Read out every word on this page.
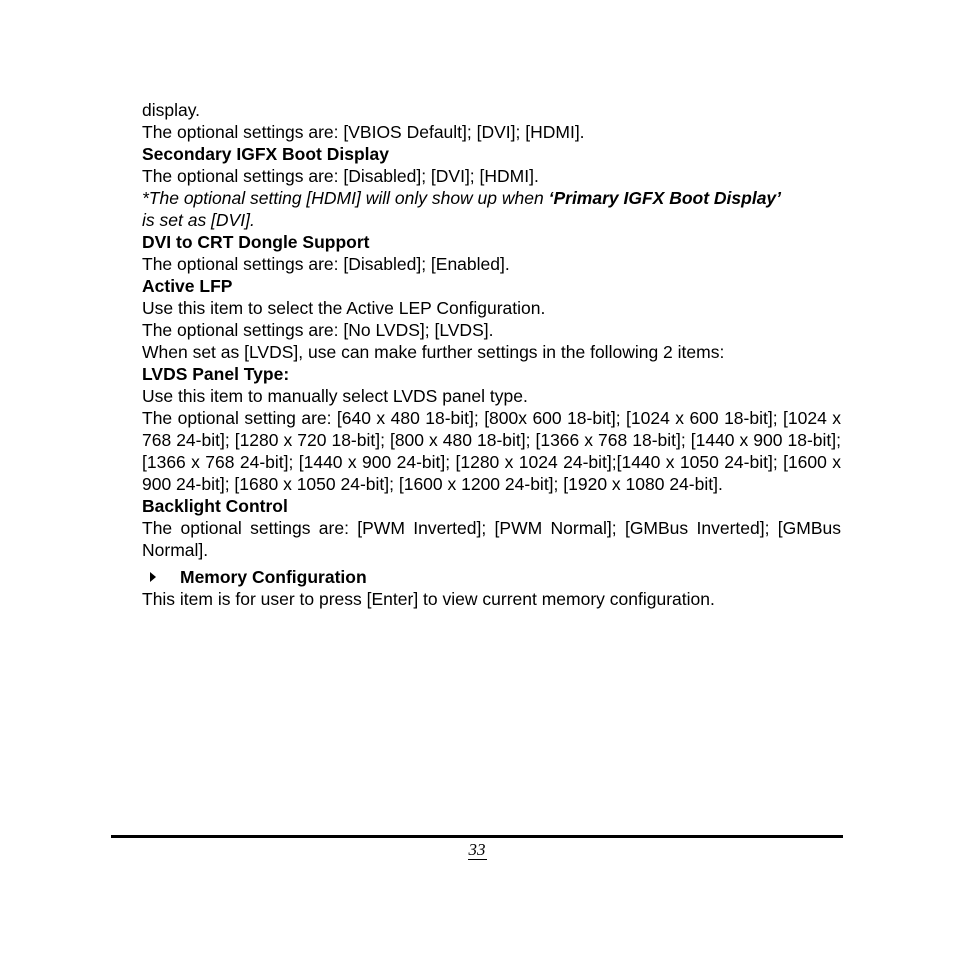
display.
The optional settings are: [VBIOS Default]; [DVI]; [HDMI].
Secondary IGFX Boot Display
The optional settings are: [Disabled]; [DVI]; [HDMI].
*The optional setting [HDMI] will only show up when ‘Primary IGFX Boot Display’
is set as [DVI].
DVI to CRT Dongle Support
The optional settings are: [Disabled]; [Enabled].
Active LFP
Use this item to select the Active LEP Configuration.
The optional settings are: [No LVDS]; [LVDS].
When set as [LVDS], use can make further settings in the following 2 items:
LVDS Panel Type:
Use this item to manually select LVDS panel type.
The optional setting are: [640 x 480 18-bit]; [800x 600 18-bit]; [1024 x 600 18-bit]; [1024 x 768 24-bit]; [1280 x 720 18-bit]; [800 x 480 18-bit]; [1366 x 768 18-bit]; [1440 x 900 18-bit]; [1366 x 768 24-bit]; [1440 x 900 24-bit]; [1280 x 1024 24-bit];[1440 x 1050 24-bit]; [1600 x 900 24-bit]; [1680 x 1050 24-bit]; [1600 x 1200 24-bit]; [1920 x 1080 24-bit].
Backlight Control
The optional settings are: [PWM Inverted]; [PWM Normal]; [GMBus Inverted]; [GMBus Normal].
Memory Configuration
This item is for user to press [Enter] to view current memory configuration.
33
